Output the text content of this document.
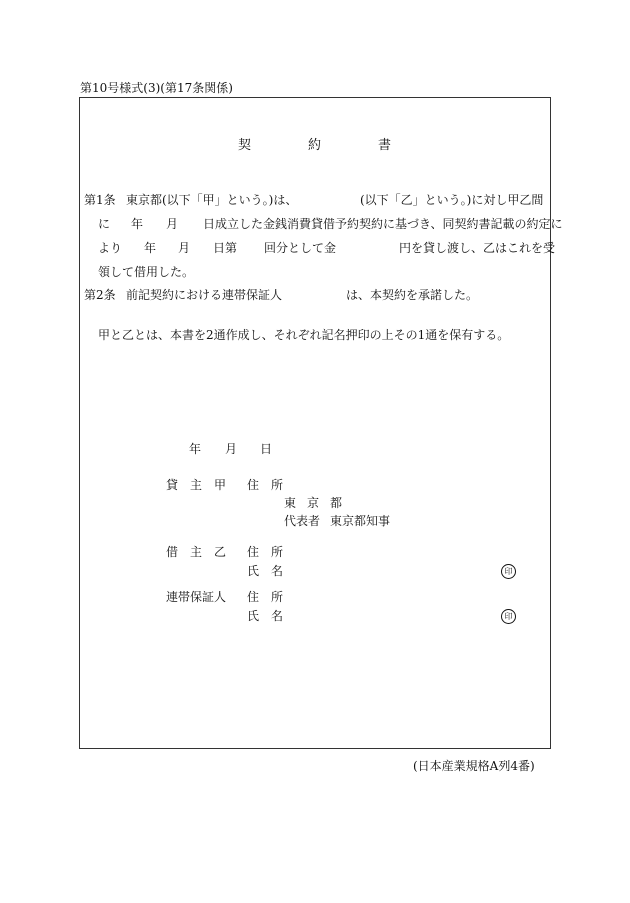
第10号様式(3)(第17条関係)
契	約	書
第1条 東京都(以下「甲」という。)は、	(以下「乙」という。)に対し甲乙間
に 年 月 日成立した金銭消費貸借予約契約に基づき、同契約書記載の約定に
より 年 月 日第 回分として金	円を貸し渡し、乙はこれを受
領して借用した。
第2条 前記契約における連帯保証人	は、本契約を承諾した。
甲と乙とは、本書を2通作成し、それぞれ記名押印の上その1通を保有する。
年 月 日
貸 主 甲 住 所
東 京 都
代表者 東京都知事
借 主 乙 住 所
氏 名	印
連帯保証人 住 所
氏 名	印
(日本産業規格A列4番)
